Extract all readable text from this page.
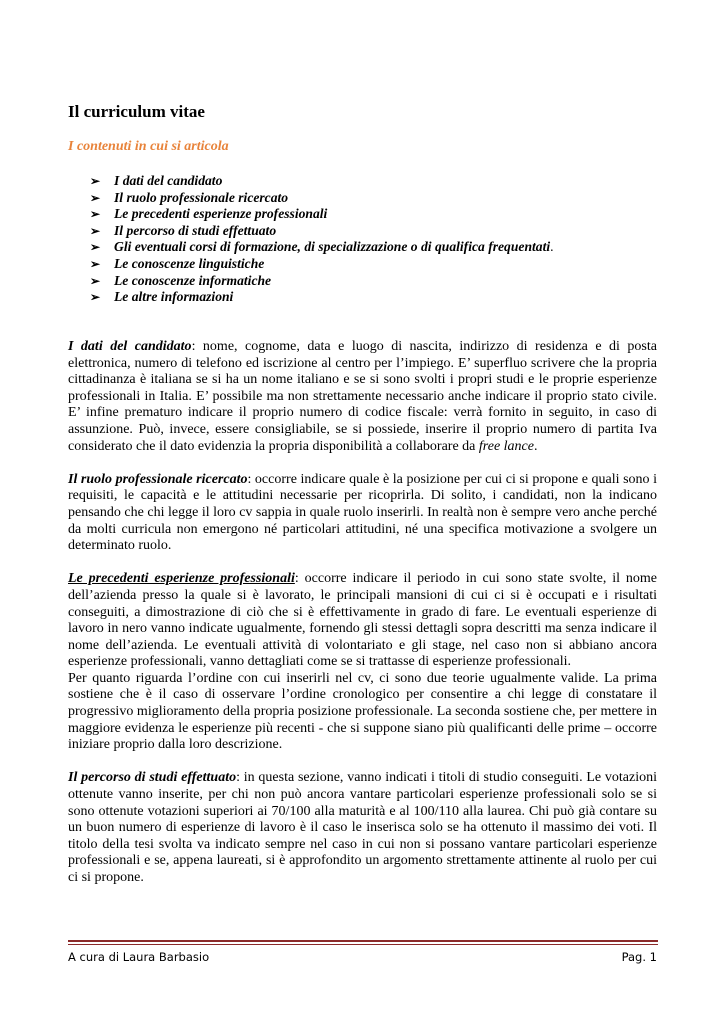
Il curriculum vitae
I contenuti in cui si articola
➢ I dati del candidato
➢ Il ruolo professionale ricercato
➢ Le precedenti esperienze professionali
➢ Il percorso di studi effettuato
➢ Gli eventuali corsi di formazione, di specializzazione o di qualifica frequentati.
➢ Le conoscenze linguistiche
➢ Le conoscenze informatiche
➢ Le altre informazioni

I dati del candidato: nome, cognome, data e luogo di nascita, indirizzo di residenza e di posta elettronica, numero di telefono ed iscrizione al centro per l’impiego. E’ superfluo scrivere che la propria cittadinanza è italiana se si ha un nome italiano e se si sono svolti i propri studi e le proprie esperienze professionali in Italia. E’ possibile ma non strettamente necessario anche indicare il proprio stato civile. E’ infine prematuro indicare il proprio numero di codice fiscale: verrà fornito in seguito, in caso di assunzione. Può, invece, essere consigliabile, se si possiede, inserire il proprio numero di partita Iva considerato che il dato evidenzia la propria disponibilità a collaborare da free lance.

Il ruolo professionale ricercato: occorre indicare quale è la posizione per cui ci si propone e quali sono i requisiti, le capacità e le attitudini necessarie per ricoprirla. Di solito, i candidati, non la indicano pensando che chi legge il loro cv sappia in quale ruolo inserirli. In realtà non è sempre vero anche perché da molti curricula non emergono né particolari attitudini, né una specifica motivazione a svolgere un determinato ruolo.

Le precedenti esperienze professionali: occorre indicare il periodo in cui sono state svolte, il nome dell’azienda presso la quale si è lavorato, le principali mansioni di cui ci si è occupati e i risultati conseguiti, a dimostrazione di ciò che si è effettivamente in grado di fare. Le eventuali esperienze di lavoro in nero vanno indicate ugualmente, fornendo gli stessi dettagli sopra descritti ma senza indicare il nome dell’azienda. Le eventuali attività di volontariato e gli stage, nel caso non si abbiano ancora esperienze professionali, vanno dettagliati come se si trattasse di esperienze professionali.

Per quanto riguarda l’ordine con cui inserirli nel cv, ci sono due teorie ugualmente valide. La prima sostiene che è il caso di osservare l’ordine cronologico per consentire a chi legge di constatare il progressivo miglioramento della propria posizione professionale. La seconda sostiene che, per mettere in maggiore evidenza le esperienze più recenti - che si suppone siano più qualificanti delle prime – occorre iniziare proprio dalla loro descrizione.

Il percorso di studi effettuato: in questa sezione, vanno indicati i titoli di studio conseguiti. Le votazioni ottenute vanno inserite, per chi non può ancora vantare particolari esperienze professionali solo se si sono ottenute votazioni superiori ai 70/100 alla maturità e al 100/110 alla laurea. Chi può già contare su un buon numero di esperienze di lavoro è il caso le inserisca solo se ha ottenuto il massimo dei voti. Il titolo della tesi svolta va indicato sempre nel caso in cui non si possano vantare particolari esperienze professionali e se, appena laureati, si è approfondito un argomento strettamente attinente al ruolo per cui ci si propone.

A cura di Laura Barbasio	Pag. 1
